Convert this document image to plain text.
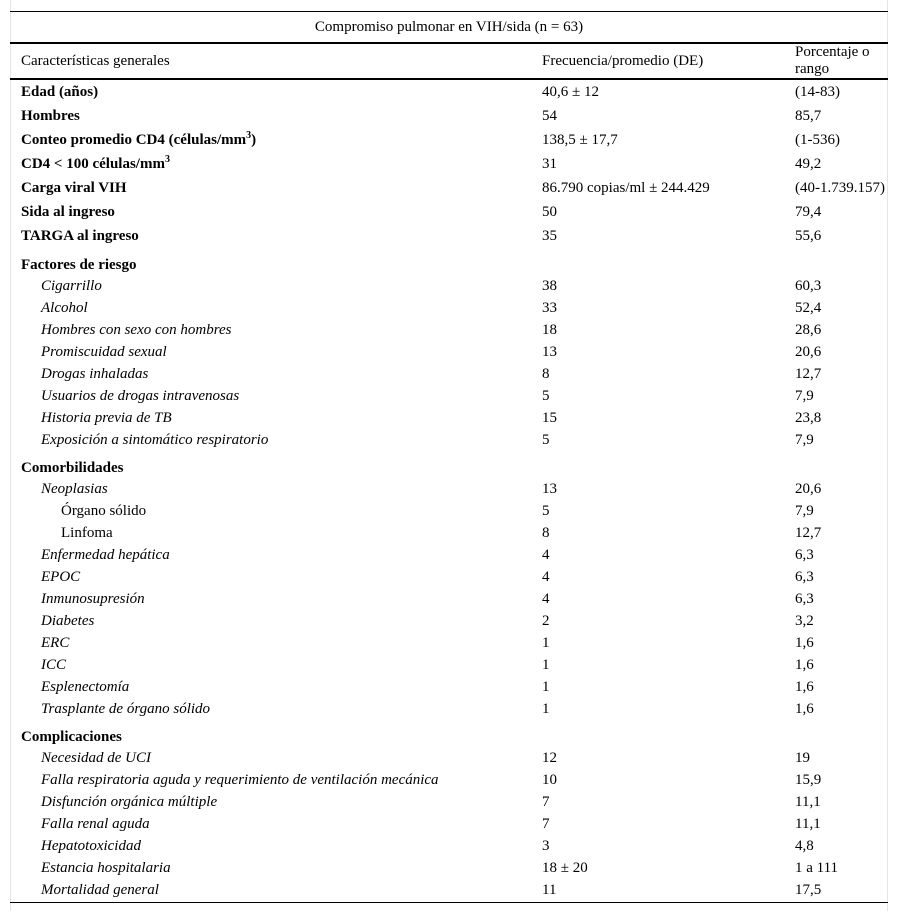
Compromiso pulmonar en VIH/sida (n = 63)		
Características generales	Frecuencia/promedio (DE)	Porcentaje o rango
Edad (años)	40,6 ± 12	(14-83)
Hombres	54	85,7
Conteo promedio CD4 $(células/mm^3)$	138,5 ± 17,7	(1-536)
CD4 < 100 células/$mm^3$	31	49,2
Carga viral VIH	86.790 copias/ml ± 244.429	(40-1.739.157)
Sida al ingreso	50	79,4
TARGA al ingreso	35	55,6
Factores de riesgo		
Cigarrillo	38	60,3
Alcohol	33	52,4
Hombres con sexo con hombres	18	28,6
Promiscuidad sexual	13	20,6
Drogas inhaladas	8	12,7
Usuarios de drogas intravenosas	5	7,9
Historia previa de TB	15	23,8
Exposición a sintomático respiratorio	5	7,9
Comorbilidades		
Neoplasias	13	20,6
Órgano sólido	5	7,9
Linfoma	8	12,7
Enfermedad hepática	4	6,3
EPOC	4	6,3
Inmunosupresión	4	6,3
Diabetes	2	3,2
ERC	1	1,6
ICC	1	1,6
Esplenectomía	1	1,6
Trasplante de órgano sólido	1	1,6
Complicaciones		
Necesidad de UCI	12	19
Falla respiratoria aguda y requerimiento de ventilación mecánica	10	15,9
Disfunción orgánica múltiple	7	11,1
Falla renal aguda	7	11,1
Hepatotoxicidad	3	4,8
Estancia hospitalaria	18 ± 20	1 a 111
Mortalidad general	11	17,5
